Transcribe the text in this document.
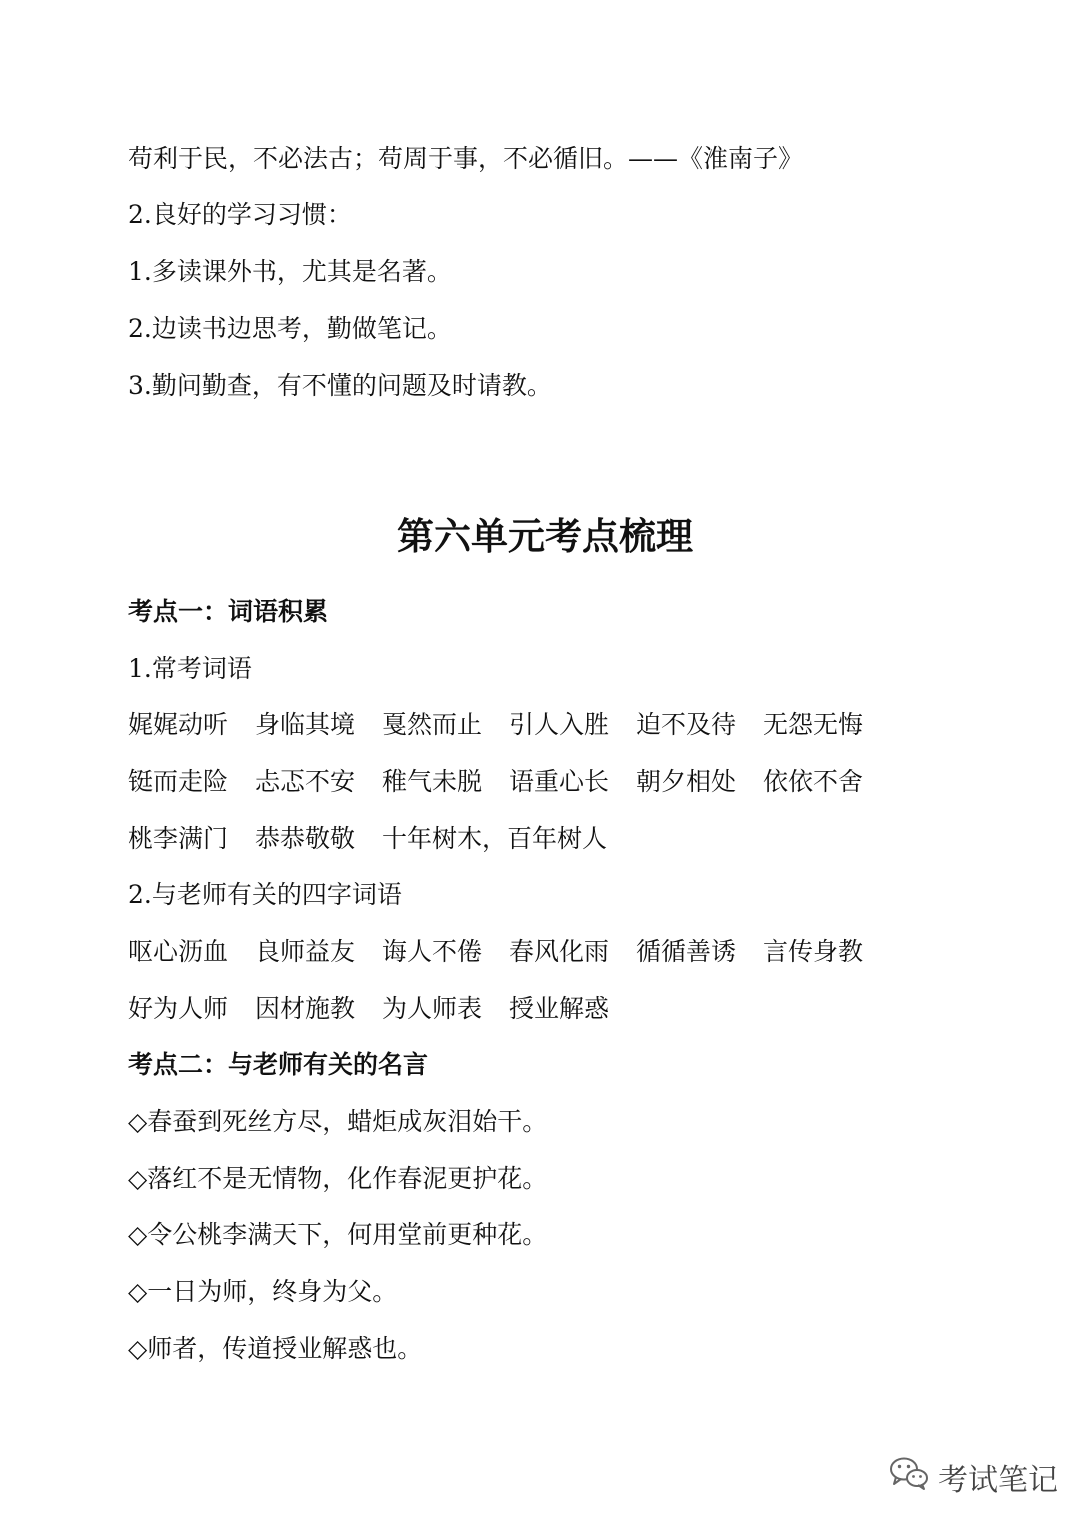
苟利于民，不必法古；苟周于事，不必循旧。——《淮南子》
2.良好的学习习惯：
1.多读课外书，尤其是名著。
2.边读书边思考，勤做笔记。
3.勤问勤查，有不懂的问题及时请教。
第六单元考点梳理
考点一：词语积累
1.常考词语
娓娓动听 身临其境 戛然而止 引人入胜 迫不及待 无怨无悔
铤而走险 忐忑不安 稚气未脱 语重心长 朝夕相处 依依不舍
桃李满门 恭恭敬敬 十年树木，百年树人
2.与老师有关的四字词语
呕心沥血 良师益友 诲人不倦 春风化雨 循循善诱 言传身教
好为人师 因材施教 为人师表 授业解惑
考点二：与老师有关的名言
◇春蚕到死丝方尽，蜡炬成灰泪始干。
◇落红不是无情物，化作春泥更护花。
◇令公桃李满天下，何用堂前更种花。
◇一日为师，终身为父。
◇师者，传道授业解惑也。
考试笔记
